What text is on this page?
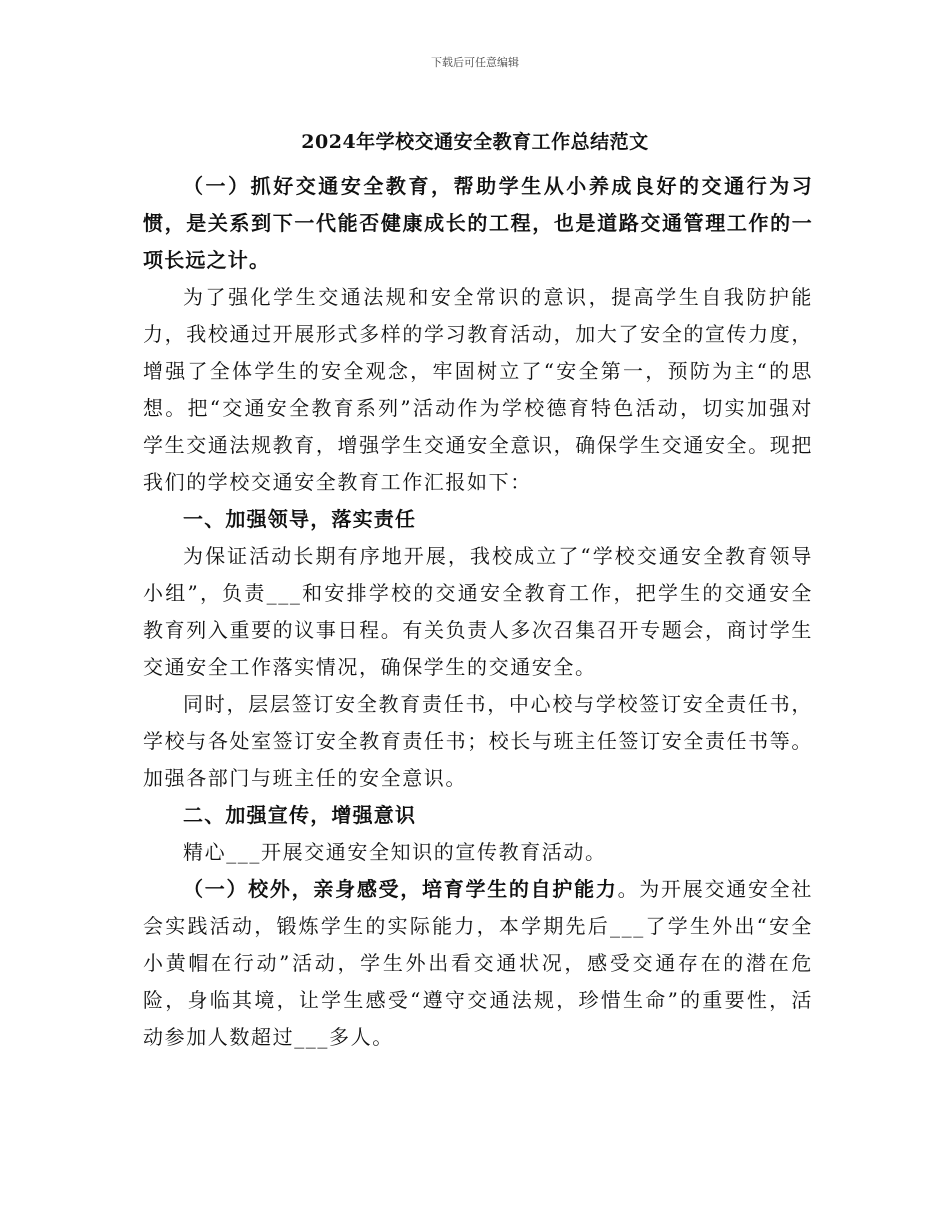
下载后可任意编辑
2024年学校交通安全教育工作总结范文

（一）抓好交通安全教育，帮助学生从小养成良好的交通行为习惯，是关系到下一代能否健康成长的工程，也是道路交通管理工作的一项长远之计。

为了强化学生交通法规和安全常识的意识，提高学生自我防护能力，我校通过开展形式多样的学习教育活动，加大了安全的宣传力度，增强了全体学生的安全观念，牢固树立了“安全第一，预防为主“的思想。把“交通安全教育系列”活动作为学校德育特色活动，切实加强对学生交通法规教育，增强学生交通安全意识，确保学生交通安全。现把我们的学校交通安全教育工作汇报如下：

一、加强领导，落实责任

为保证活动长期有序地开展，我校成立了“学校交通安全教育领导小组”，负责___和安排学校的交通安全教育工作，把学生的交通安全教育列入重要的议事日程。有关负责人多次召集召开专题会，商讨学生交通安全工作落实情况，确保学生的交通安全。

同时，层层签订安全教育责任书，中心校与学校签订安全责任书，学校与各处室签订安全教育责任书；校长与班主任签订安全责任书等。加强各部门与班主任的安全意识。

二、加强宣传，增强意识

精心___开展交通安全知识的宣传教育活动。

（一）校外，亲身感受，培育学生的自护能力。为开展交通安全社会实践活动，锻炼学生的实际能力，本学期先后___了学生外出“安全小黄帽在行动”活动，学生外出看交通状况，感受交通存在的潜在危险，身临其境，让学生感受“遵守交通法规，珍惜生命”的重要性，活动参加人数超过___多人。
